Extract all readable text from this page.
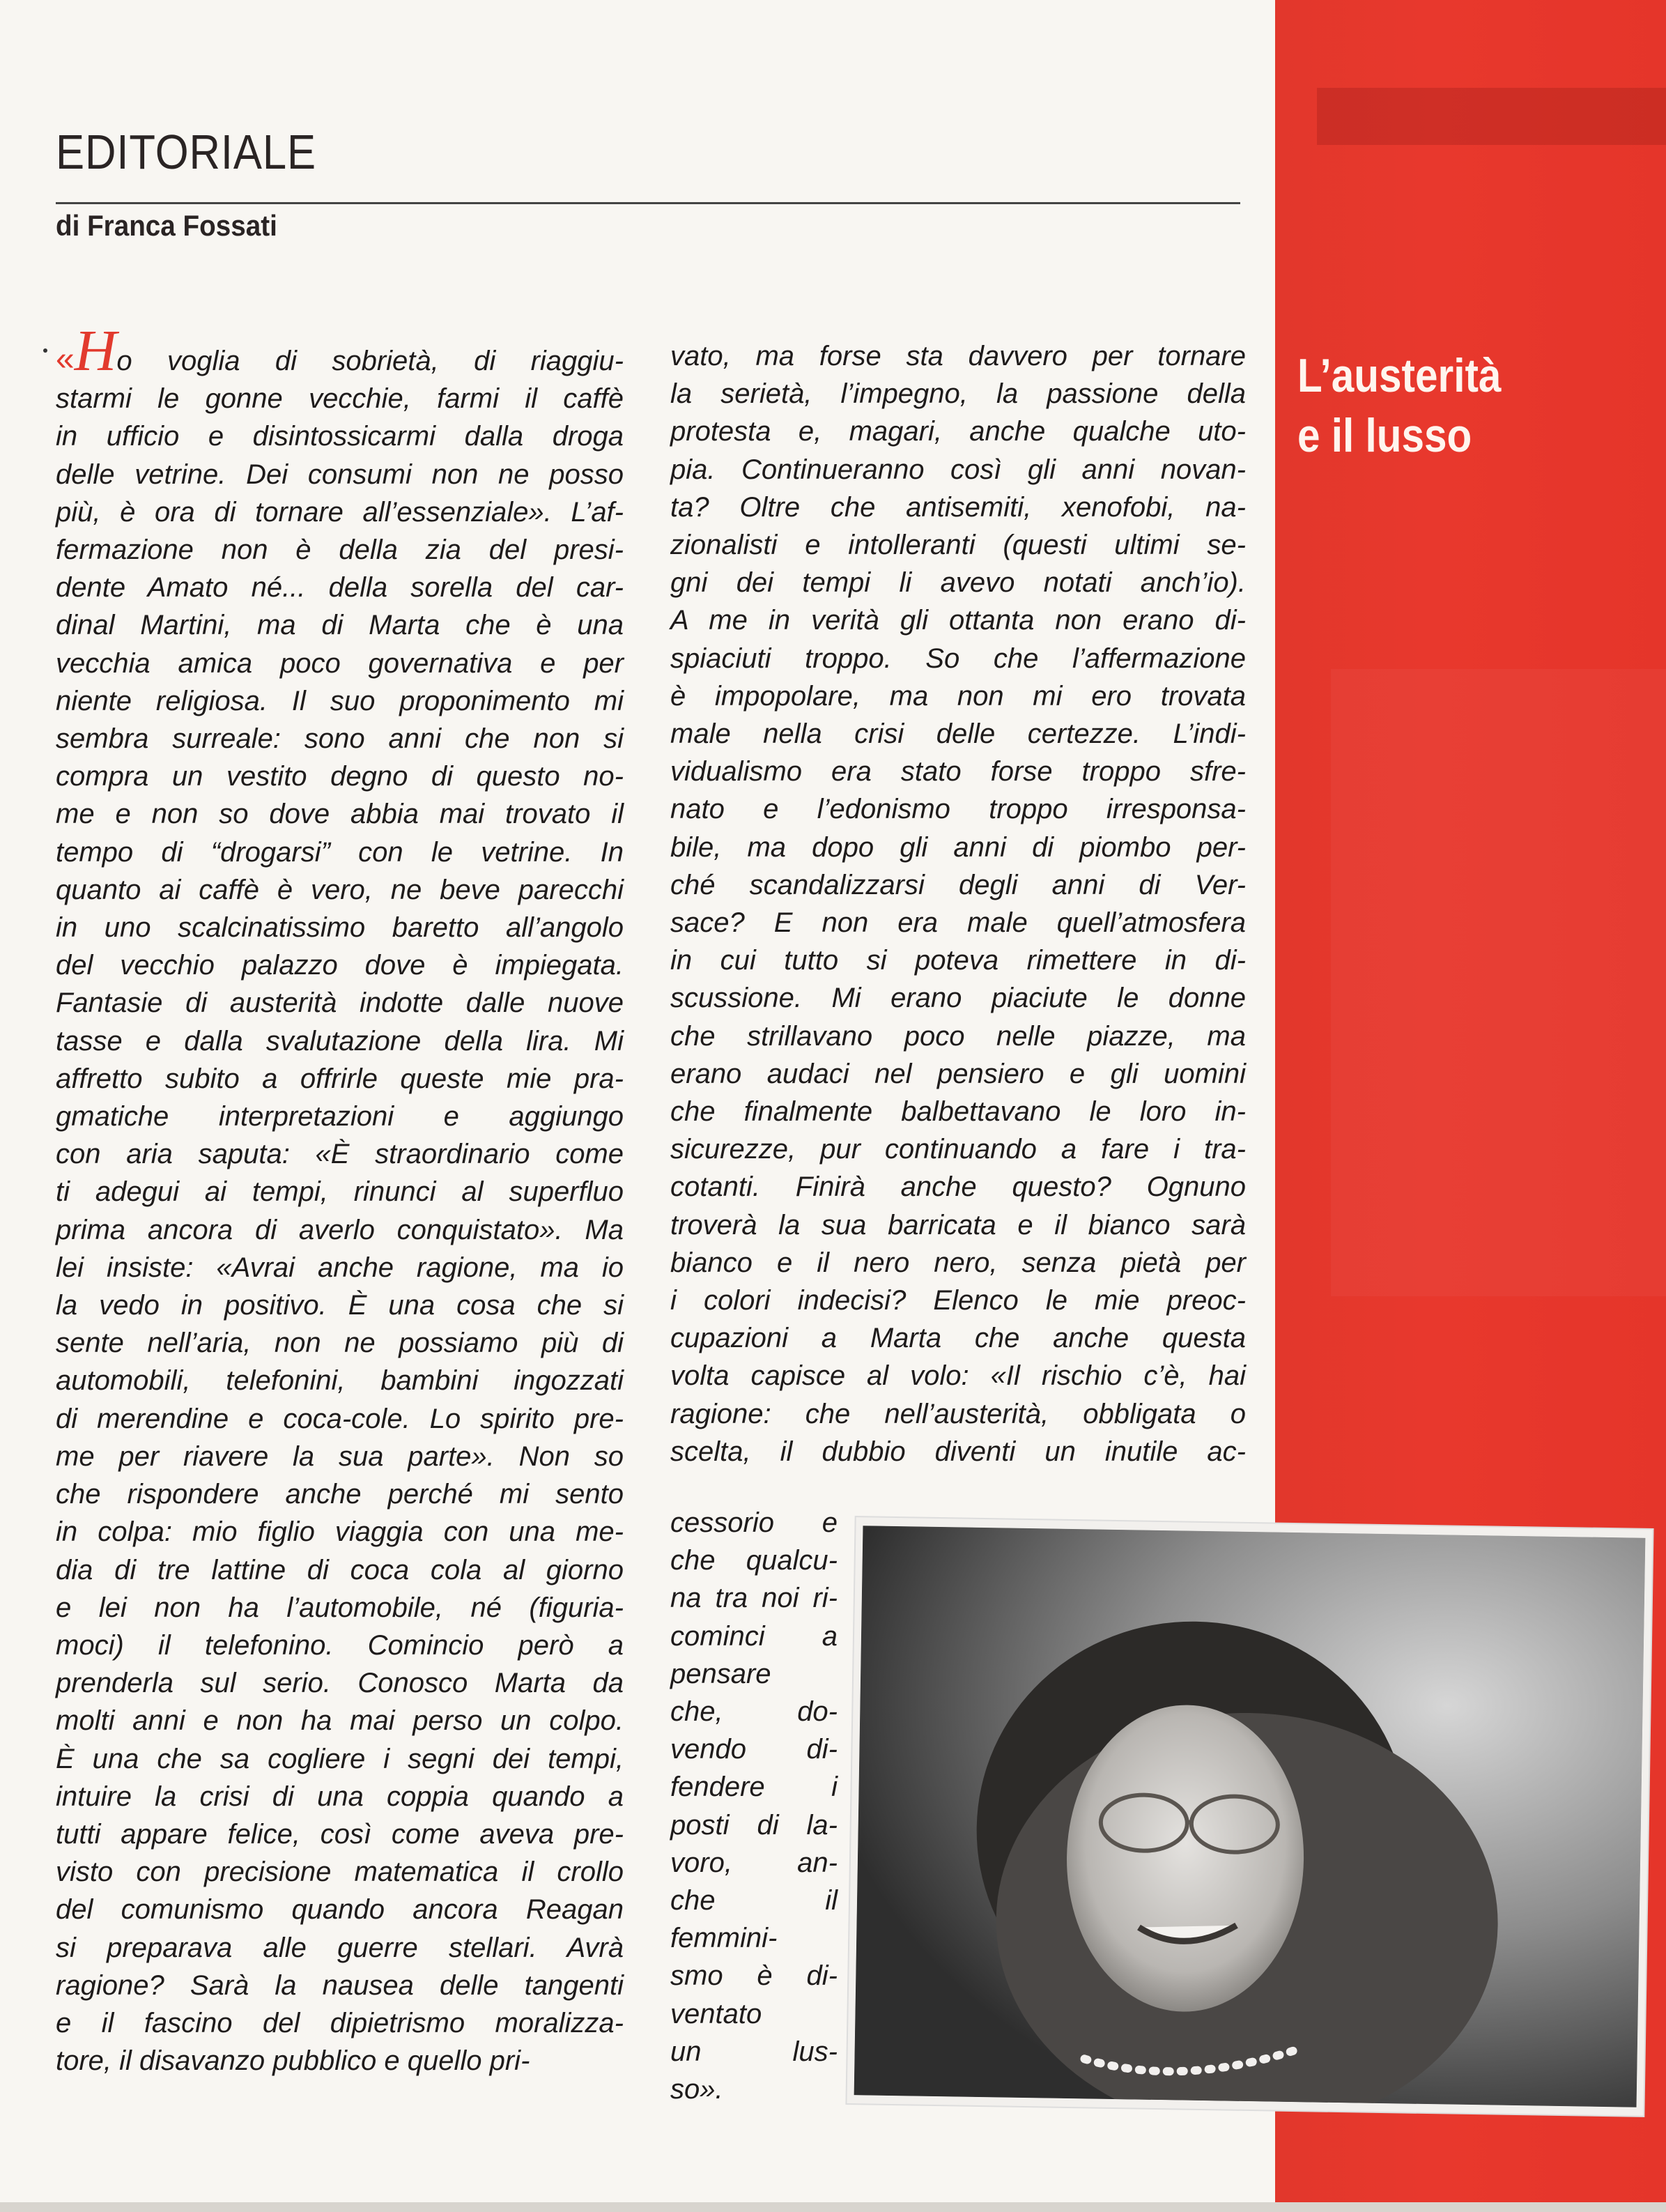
L’austerità
e il lusso
EDITORIALE
di Franca Fossati
«Ho voglia di sobrietà, di riaggiu-
starmi le gonne vecchie, farmi il caffè
in ufficio e disintossicarmi dalla droga
delle vetrine. Dei consumi non ne posso
più, è ora di tornare all’essenziale». L’af-
fermazione non è della zia del presi-
dente Amato né... della sorella del car-
dinal Martini, ma di Marta che è una
vecchia amica poco governativa e per
niente religiosa. Il suo proponimento mi
sembra surreale: sono anni che non si
compra un vestito degno di questo no-
me e non so dove abbia mai trovato il
tempo di “drogarsi” con le vetrine. In
quanto ai caffè è vero, ne beve parecchi
in uno scalcinatissimo baretto all’angolo
del vecchio palazzo dove è impiegata.
Fantasie di austerità indotte dalle nuove
tasse e dalla svalutazione della lira. Mi
affretto subito a offrirle queste mie pra-
gmatiche interpretazioni e aggiungo
con aria saputa: «È straordinario come
ti adegui ai tempi, rinunci al superfluo
prima ancora di averlo conquistato». Ma
lei insiste: «Avrai anche ragione, ma io
la vedo in positivo. È una cosa che si
sente nell’aria, non ne possiamo più di
automobili, telefonini, bambini ingozzati
di merendine e coca-cole. Lo spirito pre-
me per riavere la sua parte». Non so
che rispondere anche perché mi sento
in colpa: mio figlio viaggia con una me-
dia di tre lattine di coca cola al giorno
e lei non ha l’automobile, né (figuria-
moci) il telefonino. Comincio però a
prenderla sul serio. Conosco Marta da
molti anni e non ha mai perso un colpo.
È una che sa cogliere i segni dei tempi,
intuire la crisi di una coppia quando a
tutti appare felice, così come aveva pre-
visto con precisione matematica il crollo
del comunismo quando ancora Reagan
si preparava alle guerre stellari. Avrà
ragione? Sarà la nausea delle tangenti
e il fascino del dipietrismo moralizza-
tore, il disavanzo pubblico e quello pri-
vato, ma forse sta davvero per tornare
la serietà, l’impegno, la passione della
protesta e, magari, anche qualche uto-
pia. Continueranno così gli anni novan-
ta? Oltre che antisemiti, xenofobi, na-
zionalisti e intolleranti (questi ultimi se-
gni dei tempi li avevo notati anch’io).
A me in verità gli ottanta non erano di-
spiaciuti troppo. So che l’affermazione
è impopolare, ma non mi ero trovata
male nella crisi delle certezze. L’indi-
vidualismo era stato forse troppo sfre-
nato e l’edonismo troppo irresponsa-
bile, ma dopo gli anni di piombo per-
ché scandalizzarsi degli anni di Ver-
sace? E non era male quell’atmosfera
in cui tutto si poteva rimettere in di-
scussione. Mi erano piaciute le donne
che strillavano poco nelle piazze, ma
erano audaci nel pensiero e gli uomini
che finalmente balbettavano le loro in-
sicurezze, pur continuando a fare i tra-
cotanti. Finirà anche questo? Ognuno
troverà la sua barricata e il bianco sarà
bianco e il nero nero, senza pietà per
i colori indecisi? Elenco le mie preoc-
cupazioni a Marta che anche questa
volta capisce al volo: «Il rischio c’è, hai
ragione: che nell’austerità, obbligata o
scelta, il dubbio diventi un inutile ac-
cessorio e
che qualcu-
na tra noi ri-
cominci a
pensare
che, do-
vendo di-
fendere i
posti di la-
voro, an-
che il
femmini-
smo è di-
ventato
un lus-
so».
